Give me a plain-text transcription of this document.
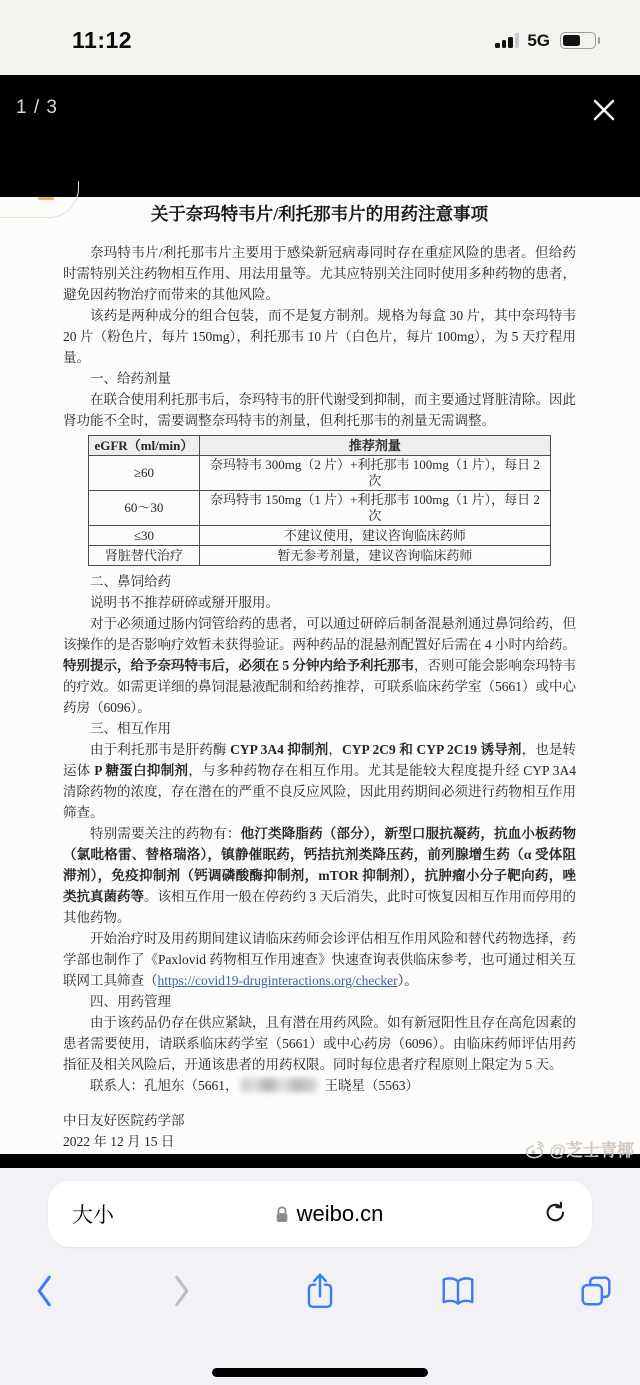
11:12	5G
1 / 3
关于奈玛特韦片/利托那韦片的用药注意事项

奈玛特韦片/利托那韦片主要用于感染新冠病毒同时存在重症风险的患者。但给药时需特别关注药物相互作用、用法用量等。尤其应特别关注同时使用多种药物的患者，避免因药物治疗而带来的其他风险。

该药是两种成分的组合包装，而不是复方制剂。规格为每盒 30 片，其中奈玛特韦 20 片（粉色片，每片 150mg），利托那韦 10 片（白色片，每片 100mg），为 5 天疗程用量。

一、给药剂量

在联合使用利托那韦后，奈玛特韦的肝代谢受到抑制，而主要通过肾脏清除。因此肾功能不全时，需要调整奈玛特韦的剂量，但利托那韦的剂量无需调整。

eGFR（ml/min）	推荐剂量
≥60	奈玛特韦 300mg（2 片）+利托那韦 100mg（1 片），每日 2 次
60～30	奈玛特韦 150mg（1 片）+利托那韦 100mg（1 片），每日 2 次
≤30	不建议使用，建议咨询临床药师
肾脏替代治疗	暂无参考剂量，建议咨询临床药师

二、鼻饲给药

说明书不推荐研碎或掰开服用。

对于必须通过肠内饲管给药的患者，可以通过研碎后制备混悬剂通过鼻饲给药，但该操作的是否影响疗效暂未获得验证。两种药品的混悬剂配置好后需在 4 小时内给药。特别提示，给予奈玛特韦后，必须在 5 分钟内给予利托那韦，否则可能会影响奈玛特韦的疗效。如需更详细的鼻饲混悬液配制和给药推荐，可联系临床药学室（5661）或中心药房（6096）。

三、相互作用

由于利托那韦是肝药酶 CYP 3A4 抑制剂，CYP 2C9 和 CYP 2C19 诱导剂，也是转运体 P 糖蛋白抑制剂，与多种药物存在相互作用。尤其是能较大程度提升经 CYP 3A4 清除药物的浓度，存在潜在的严重不良反应风险，因此用药期间必须进行药物相互作用筛查。

特别需要关注的药物有：他汀类降脂药（部分），新型口服抗凝药，抗血小板药物（氯吡格雷、替格瑞洛），镇静催眠药，钙拮抗剂类降压药，前列腺增生药（α 受体阻滞剂），免疫抑制剂（钙调磷酸酶抑制剂，mTOR 抑制剂），抗肿瘤小分子靶向药，唑类抗真菌药等。该相互作用一般在停药约 3 天后消失，此时可恢复因相互作用而停用的其他药物。

开始治疗时及用药期间建议请临床药师会诊评估相互作用风险和替代药物选择，药学部也制作了《Paxlovid 药物相互作用速查》快速查询表供临床参考，也可通过相关互联网工具筛查（https://covid19-druginteractions.org/checker）。

四、用药管理

由于该药品仍存在供应紧缺，且有潜在用药风险。如有新冠阳性且存在高危因素的患者需要使用，请联系临床药学室（5661）或中心药房（6096）。由临床药师评估用药指征及相关风险后，开通该患者的用药权限。同时每位患者疗程原则上限定为 5 天。

联系人：孔旭东（5661，	王晓星（5563）

中日友好医院药学部

2022 年 12 月 15 日	@芝士青椰
大小	weibo.cn
